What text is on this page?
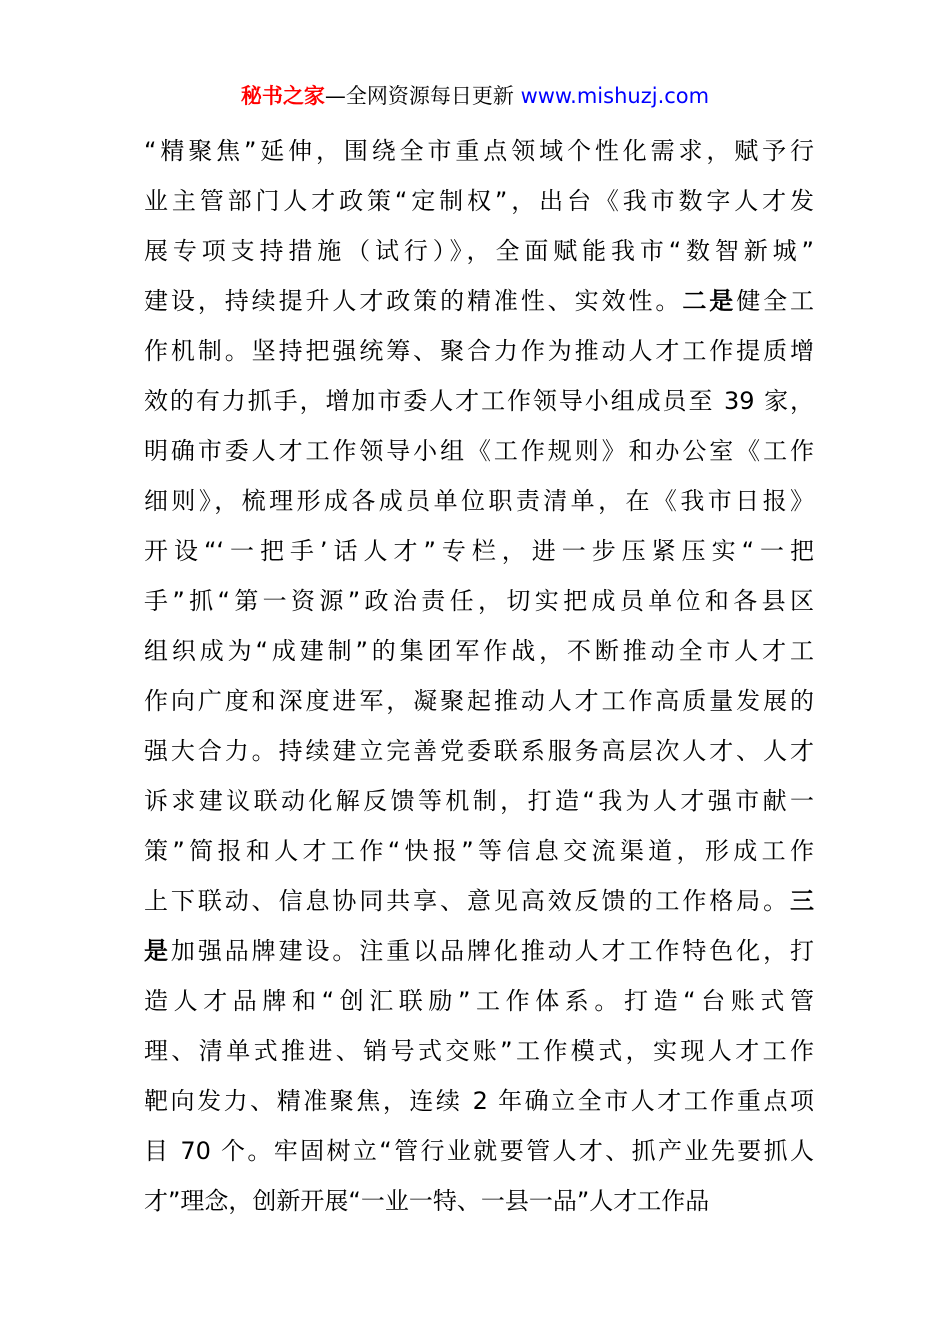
秘书之家—全网资源每日更新 www.mishuzj.com
“精聚焦”延伸，围绕全市重点领域个性化需求，赋予行
业主管部门人才政策“定制权”，出台《我市数字人才发
展专项支持措施（试行）》，全面赋能我市“数智新城”
建设，持续提升人才政策的精准性、实效性。二是健全工
作机制。坚持把强统筹、聚合力作为推动人才工作提质增
效的有力抓手，增加市委人才工作领导小组成员至 39 家，
明确市委人才工作领导小组《工作规则》和办公室《工作
细则》，梳理形成各成员单位职责清单，在《我市日报》
开设“‘一把手’话人才”专栏，进一步压紧压实“一把
手”抓“第一资源”政治责任，切实把成员单位和各县区
组织成为“成建制”的集团军作战，不断推动全市人才工
作向广度和深度进军，凝聚起推动人才工作高质量发展的
强大合力。持续建立完善党委联系服务高层次人才、人才
诉求建议联动化解反馈等机制，打造“我为人才强市献一
策”简报和人才工作“快报”等信息交流渠道，形成工作
上下联动、信息协同共享、意见高效反馈的工作格局。三
是加强品牌建设。注重以品牌化推动人才工作特色化，打
造人才品牌和“创汇联励”工作体系。打造“台账式管
理、清单式推进、销号式交账”工作模式，实现人才工作
靶向发力、精准聚焦，连续 2 年确立全市人才工作重点项
目 70 个。牢固树立“管行业就要管人才、抓产业先要抓人
才”理念，创新开展“一业一特、一县一品”人才工作品
